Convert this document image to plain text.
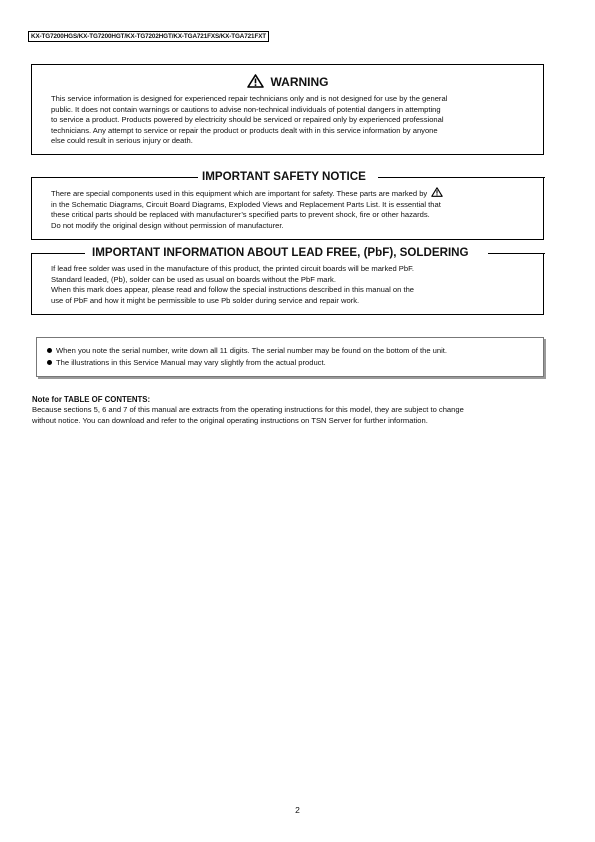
KX-TG7200HGS/KX-TG7200HGT/KX-TG7202HGT/KX-TGA721FXS/KX-TGA721FXT
WARNING

This service information is designed for experienced repair technicians only and is not designed for use by the general

public. It does not contain warnings or cautions to advise non-technical individuals of potential dangers in attempting

to service a product. Products powered by electricity should be serviced or repaired only by experienced professional

technicians. Any attempt to service or repair the product or products dealt with in this service information by anyone

else could result in serious injury or death.

IMPORTANT SAFETY NOTICE

There are special components used in this equipment which are important for safety. These parts are marked by

in the Schematic Diagrams, Circuit Board Diagrams, Exploded Views and Replacement Parts List. It is essential that

these critical parts should be replaced with manufacturer’s specified parts to prevent shock, fire or other hazards.

Do not modify the original design without permission of manufacturer.

IMPORTANT INFORMATION ABOUT LEAD FREE, (PbF), SOLDERING

If lead free solder was used in the manufacture of this product, the printed circuit boards will be marked PbF.

Standard leaded, (Pb), solder can be used as usual on boards without the PbF mark.

When this mark does appear, please read and follow the special instructions described in this manual on the

use of PbF and how it might be permissible to use Pb solder during service and repair work.

When you note the serial number, write down all 11 digits. The serial number may be found on the bottom of the unit.
The illustrations in this Service Manual may vary slightly from the actual product.
Note for TABLE OF CONTENTS:

Because sections 5, 6 and 7 of this manual are extracts from the operating instructions for this model, they are subject to change

without notice. You can download and refer to the original operating instructions on TSN Server for further information.

2
